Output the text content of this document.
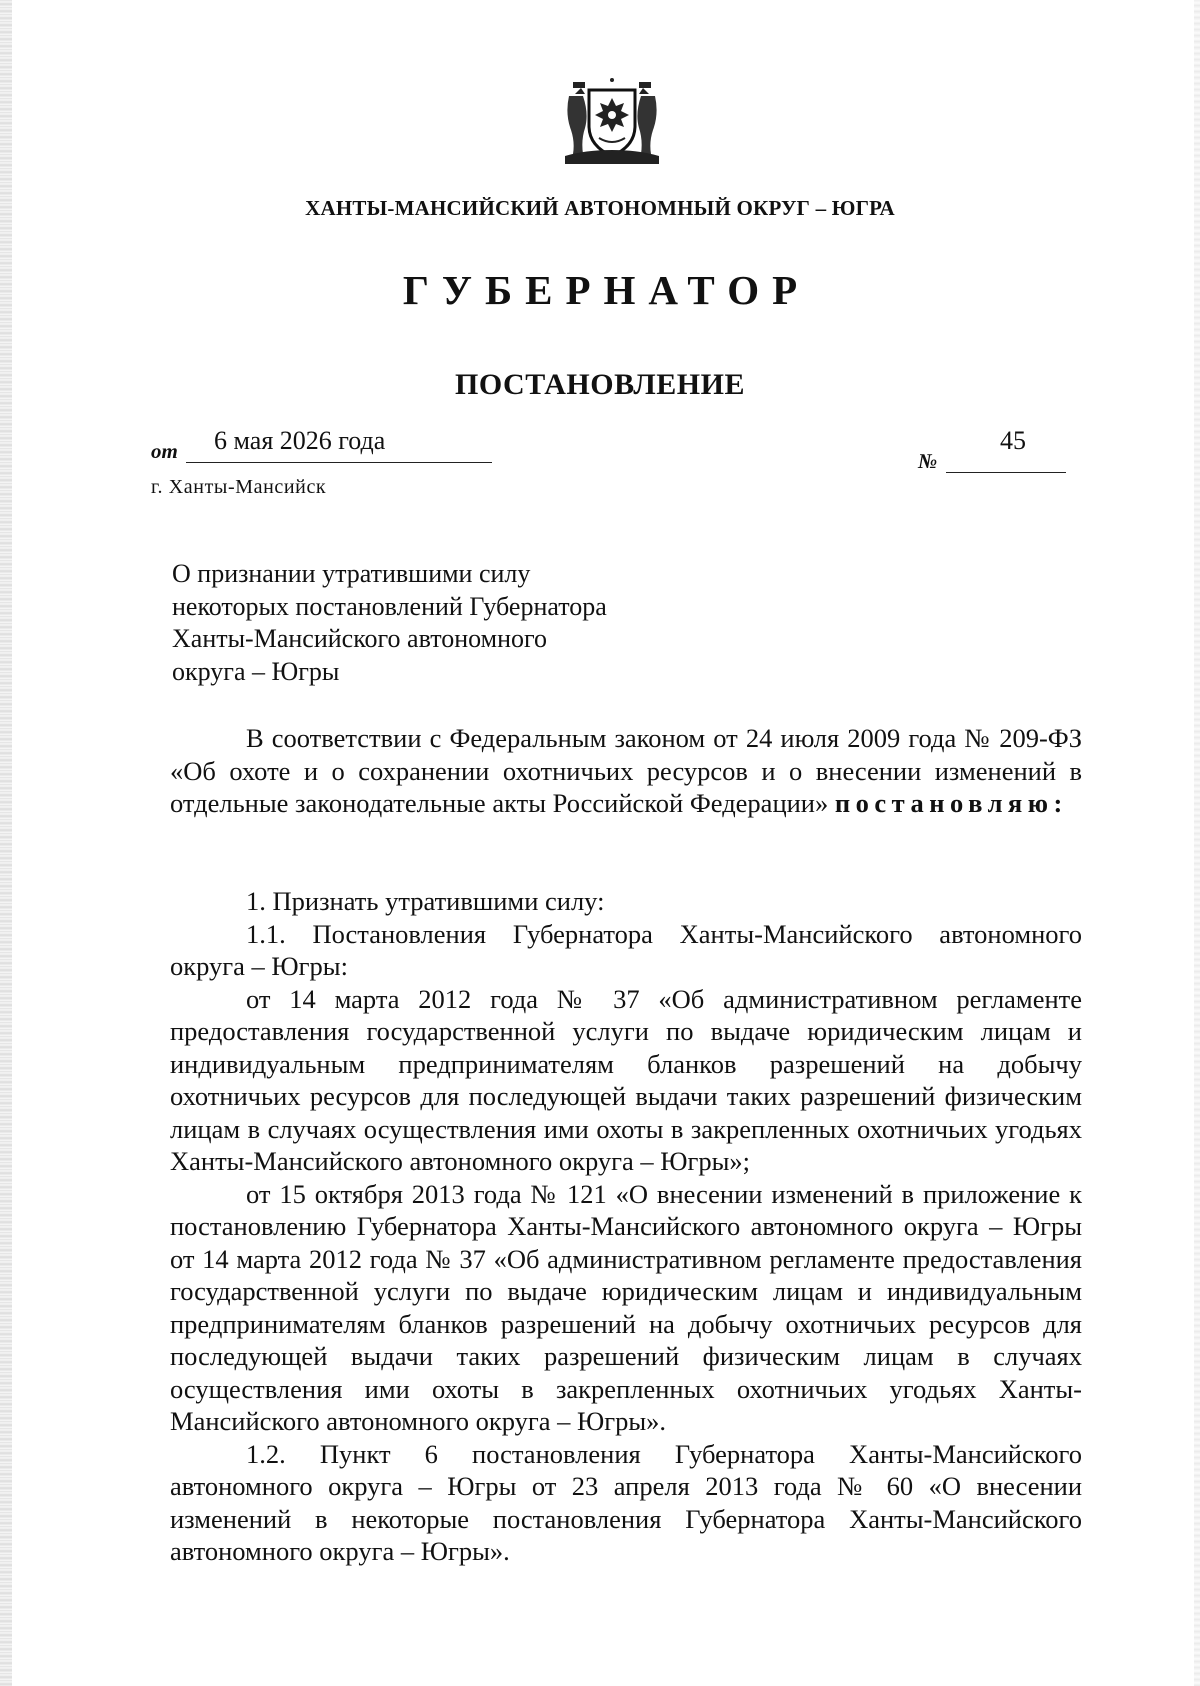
ХАНТЫ-МАНСИЙСКИЙ АВТОНОМНЫЙ ОКРУГ – ЮГРА
ГУБЕРНАТОР
ПОСТАНОВЛЕНИЕ
от 6 мая 2026 года
№
45
г. Ханты-Мансийск
О признании утратившими силу
некоторых постановлений Губернатора
Ханты-Мансийского автономного
округа – Югры
В соответствии с Федеральным законом от 24 июля 2009 года № 209-ФЗ «Об охоте и о сохранении охотничьих ресурсов и о внесении изменений в отдельные законодательные акты Российской Федерации» постановляю:
1. Признать утратившими силу:
1.1. Постановления Губернатора Ханты-Мансийского автономного округа – Югры:
от 14 марта 2012 года № 37 «Об административном регламенте предоставления государственной услуги по выдаче юридическим лицам и индивидуальным предпринимателям бланков разрешений на добычу охотничьих ресурсов для последующей выдачи таких разрешений физическим лицам в случаях осуществления ими охоты в закрепленных охотничьих угодьях Ханты-Мансийского автономного округа – Югры»;
от 15 октября 2013 года № 121 «О внесении изменений в приложение к постановлению Губернатора Ханты-Мансийского автономного округа – Югры от 14 марта 2012 года № 37 «Об административном регламенте предоставления государственной услуги по выдаче юридическим лицам и индивидуальным предпринимателям бланков разрешений на добычу охотничьих ресурсов для последующей выдачи таких разрешений физическим лицам в случаях осуществления ими охоты в закрепленных охотничьих угодьях Ханты-Мансийского автономного округа – Югры».
1.2. Пункт 6 постановления Губернатора Ханты-Мансийского автономного округа – Югры от 23 апреля 2013 года № 60 «О внесении изменений в некоторые постановления Губернатора Ханты-Мансийского автономного округа – Югры».
